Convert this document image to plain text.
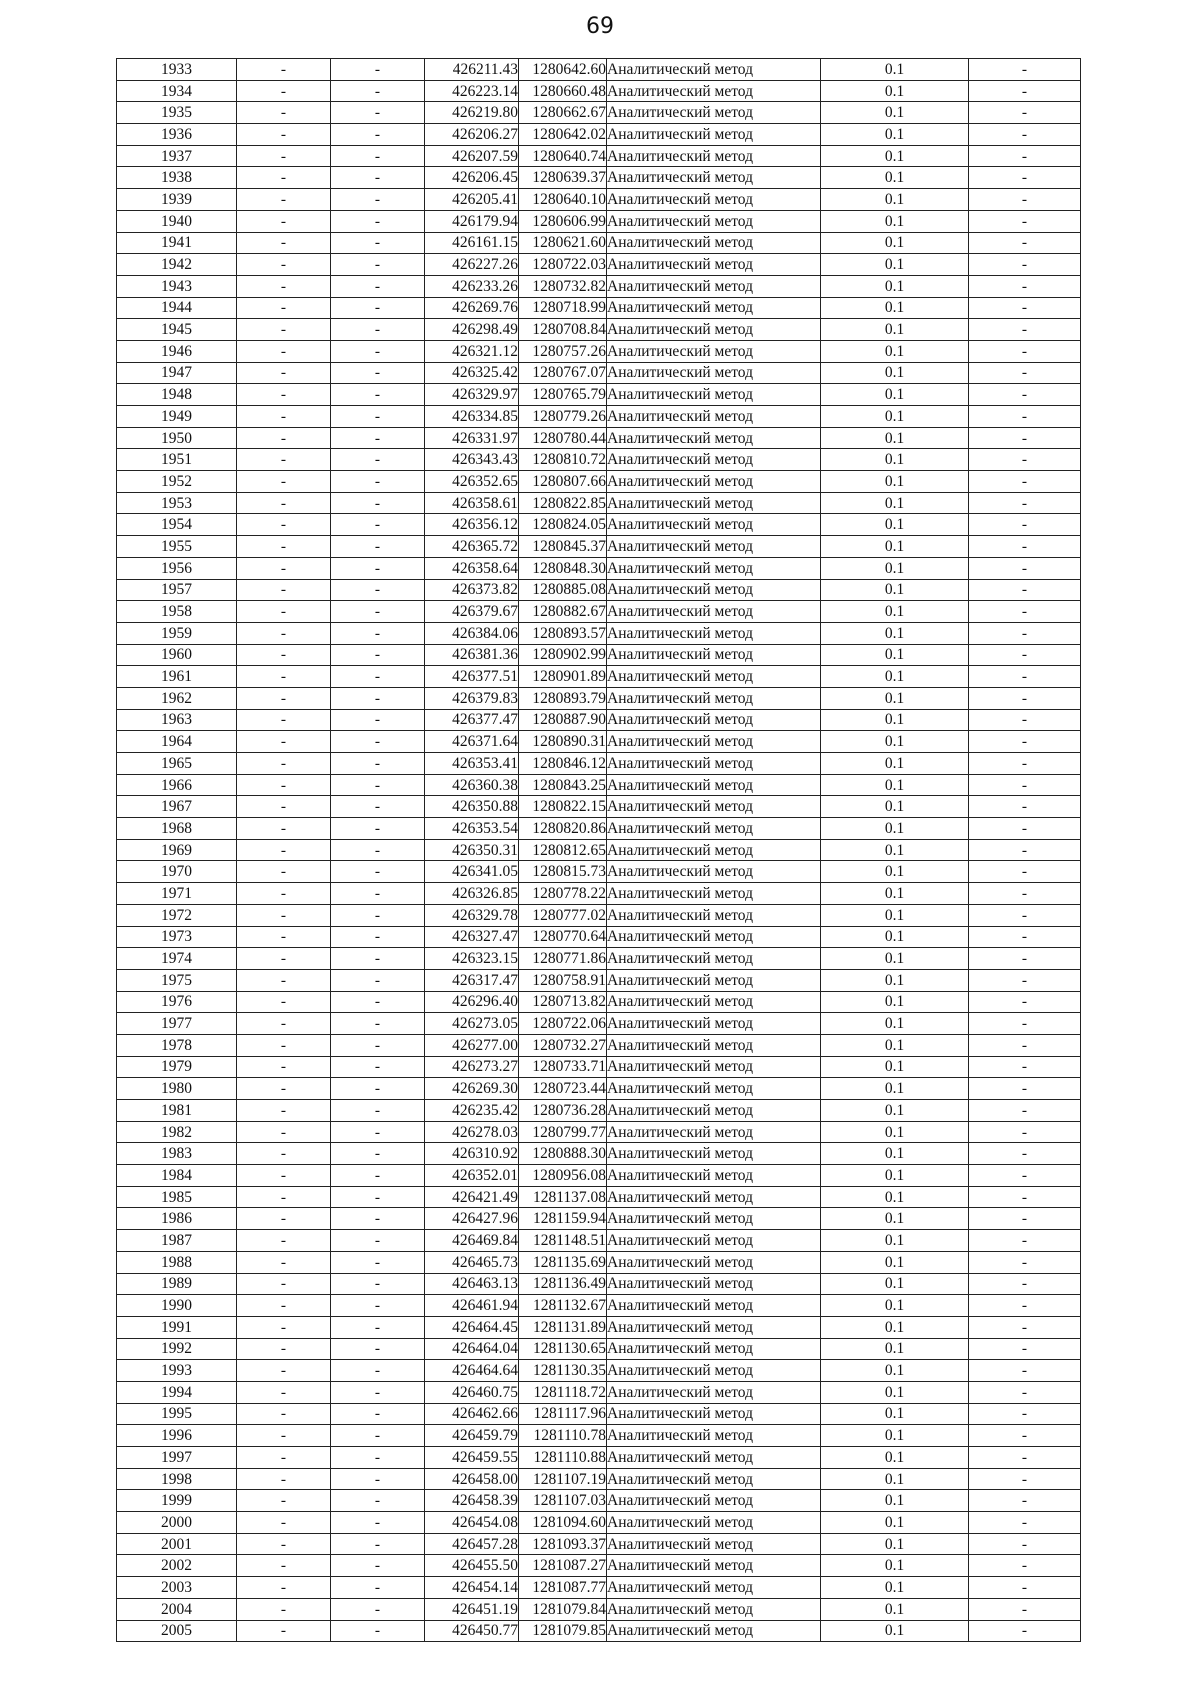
69
1933	-	-	426211.43	1280642.60	Аналитический метод	0.1	-
1934	-	-	426223.14	1280660.48	Аналитический метод	0.1	-
1935	-	-	426219.80	1280662.67	Аналитический метод	0.1	-
1936	-	-	426206.27	1280642.02	Аналитический метод	0.1	-
1937	-	-	426207.59	1280640.74	Аналитический метод	0.1	-
1938	-	-	426206.45	1280639.37	Аналитический метод	0.1	-
1939	-	-	426205.41	1280640.10	Аналитический метод	0.1	-
1940	-	-	426179.94	1280606.99	Аналитический метод	0.1	-
1941	-	-	426161.15	1280621.60	Аналитический метод	0.1	-
1942	-	-	426227.26	1280722.03	Аналитический метод	0.1	-
1943	-	-	426233.26	1280732.82	Аналитический метод	0.1	-
1944	-	-	426269.76	1280718.99	Аналитический метод	0.1	-
1945	-	-	426298.49	1280708.84	Аналитический метод	0.1	-
1946	-	-	426321.12	1280757.26	Аналитический метод	0.1	-
1947	-	-	426325.42	1280767.07	Аналитический метод	0.1	-
1948	-	-	426329.97	1280765.79	Аналитический метод	0.1	-
1949	-	-	426334.85	1280779.26	Аналитический метод	0.1	-
1950	-	-	426331.97	1280780.44	Аналитический метод	0.1	-
1951	-	-	426343.43	1280810.72	Аналитический метод	0.1	-
1952	-	-	426352.65	1280807.66	Аналитический метод	0.1	-
1953	-	-	426358.61	1280822.85	Аналитический метод	0.1	-
1954	-	-	426356.12	1280824.05	Аналитический метод	0.1	-
1955	-	-	426365.72	1280845.37	Аналитический метод	0.1	-
1956	-	-	426358.64	1280848.30	Аналитический метод	0.1	-
1957	-	-	426373.82	1280885.08	Аналитический метод	0.1	-
1958	-	-	426379.67	1280882.67	Аналитический метод	0.1	-
1959	-	-	426384.06	1280893.57	Аналитический метод	0.1	-
1960	-	-	426381.36	1280902.99	Аналитический метод	0.1	-
1961	-	-	426377.51	1280901.89	Аналитический метод	0.1	-
1962	-	-	426379.83	1280893.79	Аналитический метод	0.1	-
1963	-	-	426377.47	1280887.90	Аналитический метод	0.1	-
1964	-	-	426371.64	1280890.31	Аналитический метод	0.1	-
1965	-	-	426353.41	1280846.12	Аналитический метод	0.1	-
1966	-	-	426360.38	1280843.25	Аналитический метод	0.1	-
1967	-	-	426350.88	1280822.15	Аналитический метод	0.1	-
1968	-	-	426353.54	1280820.86	Аналитический метод	0.1	-
1969	-	-	426350.31	1280812.65	Аналитический метод	0.1	-
1970	-	-	426341.05	1280815.73	Аналитический метод	0.1	-
1971	-	-	426326.85	1280778.22	Аналитический метод	0.1	-
1972	-	-	426329.78	1280777.02	Аналитический метод	0.1	-
1973	-	-	426327.47	1280770.64	Аналитический метод	0.1	-
1974	-	-	426323.15	1280771.86	Аналитический метод	0.1	-
1975	-	-	426317.47	1280758.91	Аналитический метод	0.1	-
1976	-	-	426296.40	1280713.82	Аналитический метод	0.1	-
1977	-	-	426273.05	1280722.06	Аналитический метод	0.1	-
1978	-	-	426277.00	1280732.27	Аналитический метод	0.1	-
1979	-	-	426273.27	1280733.71	Аналитический метод	0.1	-
1980	-	-	426269.30	1280723.44	Аналитический метод	0.1	-
1981	-	-	426235.42	1280736.28	Аналитический метод	0.1	-
1982	-	-	426278.03	1280799.77	Аналитический метод	0.1	-
1983	-	-	426310.92	1280888.30	Аналитический метод	0.1	-
1984	-	-	426352.01	1280956.08	Аналитический метод	0.1	-
1985	-	-	426421.49	1281137.08	Аналитический метод	0.1	-
1986	-	-	426427.96	1281159.94	Аналитический метод	0.1	-
1987	-	-	426469.84	1281148.51	Аналитический метод	0.1	-
1988	-	-	426465.73	1281135.69	Аналитический метод	0.1	-
1989	-	-	426463.13	1281136.49	Аналитический метод	0.1	-
1990	-	-	426461.94	1281132.67	Аналитический метод	0.1	-
1991	-	-	426464.45	1281131.89	Аналитический метод	0.1	-
1992	-	-	426464.04	1281130.65	Аналитический метод	0.1	-
1993	-	-	426464.64	1281130.35	Аналитический метод	0.1	-
1994	-	-	426460.75	1281118.72	Аналитический метод	0.1	-
1995	-	-	426462.66	1281117.96	Аналитический метод	0.1	-
1996	-	-	426459.79	1281110.78	Аналитический метод	0.1	-
1997	-	-	426459.55	1281110.88	Аналитический метод	0.1	-
1998	-	-	426458.00	1281107.19	Аналитический метод	0.1	-
1999	-	-	426458.39	1281107.03	Аналитический метод	0.1	-
2000	-	-	426454.08	1281094.60	Аналитический метод	0.1	-
2001	-	-	426457.28	1281093.37	Аналитический метод	0.1	-
2002	-	-	426455.50	1281087.27	Аналитический метод	0.1	-
2003	-	-	426454.14	1281087.77	Аналитический метод	0.1	-
2004	-	-	426451.19	1281079.84	Аналитический метод	0.1	-
2005	-	-	426450.77	1281079.85	Аналитический метод	0.1	-
